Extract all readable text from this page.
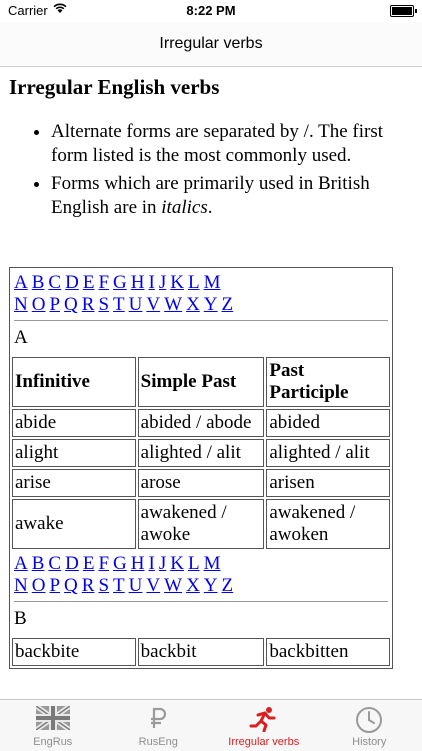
Carrier	8:22 PM
Irregular verbs
Irregular English verbs
• Alternate forms are separated by /. The first form listed is the most commonly used.
• Forms which are primarily used in British English are in italics.
A B C D E F G H I J K L M
N O P Q R S T U V W X Y Z
A		

Infinitive	Simple Past	Past Participle
abide	abided / abode	abided
alight	alighted / alit	alighted / alit
arise	arose	arisen
awake	awakened / awoke	awakened / awoken

A B C D E F G H I J K L M
N O P Q R S T U V W X Y Z
B		

backbite	backbit	backbitten
EngRus	RusEng	Irregular verbs	History
